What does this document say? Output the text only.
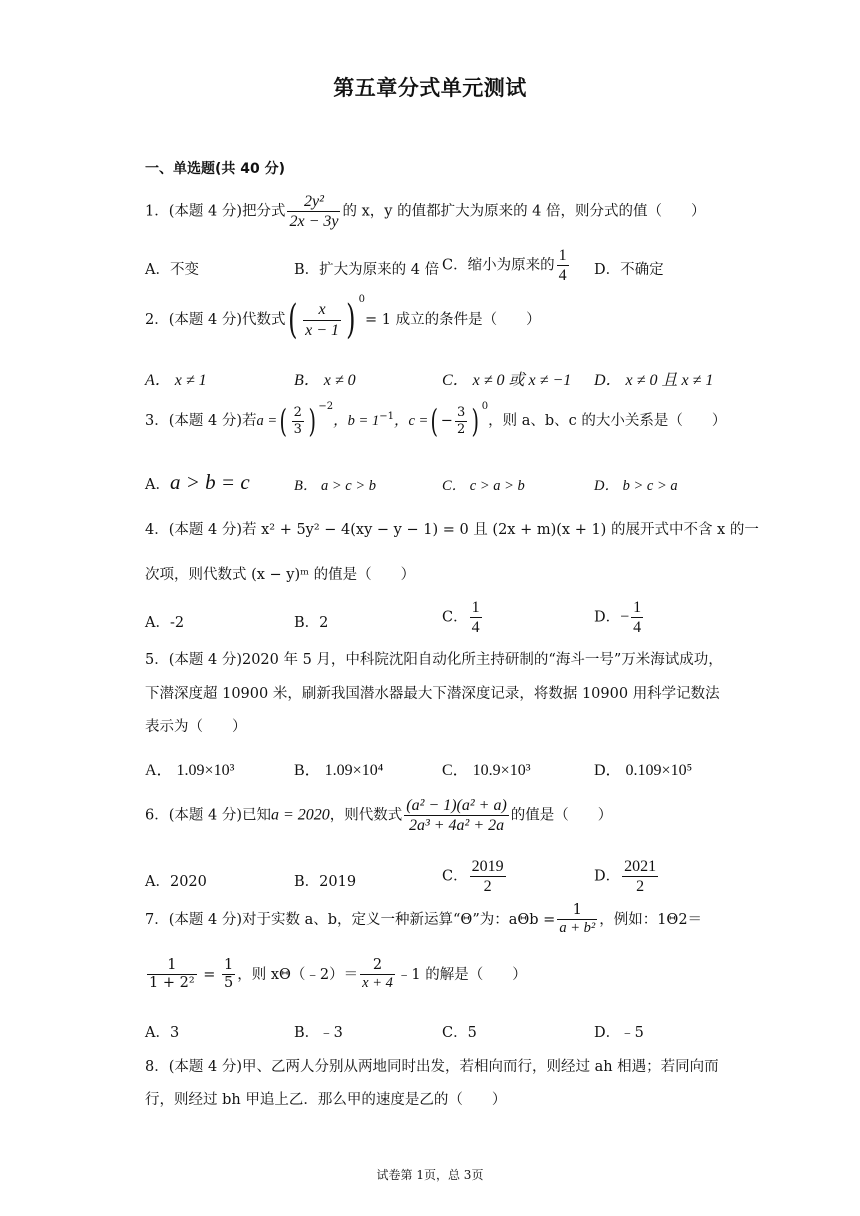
第五章分式单元测试
一、单选题(共 40 分)
1．(本题 4 分)把分式 $\frac{\text{2y²}}{2x - 3y}$ 的 x，y 的值都扩大为原来的 4 倍，则分式的值（　　）
A．不变	B．扩大为原来的 4 倍 C．缩小为原来的 $\frac{1}{4}$ D．不确定
2．(本题 4 分)代数式( $\frac{x}{x - 1}$ ) $^0$= 1 成立的条件是（　　）
A． x ≠ 1	B． x ≠ 0	C． x ≠ 0 或 x ≠ −1 D． x ≠ 0 且 x ≠ 1
3．(本题 4 分)若a =( $\frac{2}{3}$ ) $^{-2}$，$b = 1^{-1}$，c =( − $\frac{3}{2}$ ) $^0$，则 a、b、c 的大小关系是（　　）
A．a > b = c	B． a > c > b	C． c > a > b	D． b > c > a
4．(本题 4 分)若 x² + 5y² − 4(xy − y − 1) = 0 且 (2x + m)(x + 1) 的展开式中不含 x 的一
次项，则代数式 (x − y)ᵐ 的值是（　　）
A．-2	B．2	C． $\frac{1}{4}$	D．− $\frac{1}{4}$
5．(本题 4 分)2020 年 5 月，中科院沈阳自动化所主持研制的“海斗一号”万米海试成功，
下潜深度超 10900 米，刷新我国潜水器最大下潜深度记录，将数据 10900 用科学记数法
表示为（　　）
A． 1.09×10³	B． 1.09×10⁴	C． 10.9×10³	D． 0.109×10⁵
6．(本题 4 分)已知a = 2020，则代数式 $\frac{\text{(a² − 1)(a² + a)}}{\text{2a³ + 4a² + 2a}}$ 的值是（　　）
A．2020	B．2019	C． $\frac{2019}{2}$	D． $\frac{2021}{2}$
7．(本题 4 分)对于实数 a、b，定义一种新运算“Θ”为：$a\Theta b = \frac{1}{\text{a + b²}}$ ，例如：1Θ2＝
$\frac{1}{\text{1 + 2²}} = \frac{1}{5}$ ，则 xΘ（﹣2）＝ $\frac{2}{x + 4}$ ﹣1 的解是（　　）
A．3	B．﹣3	C．5	D．﹣5
8．(本题 4 分)甲、乙两人分别从两地同时出发，若相向而行，则经过 ah 相遇；若同向而
行，则经过 bh 甲追上乙．那么甲的速度是乙的（　　）
试卷第 1页，总 3页
